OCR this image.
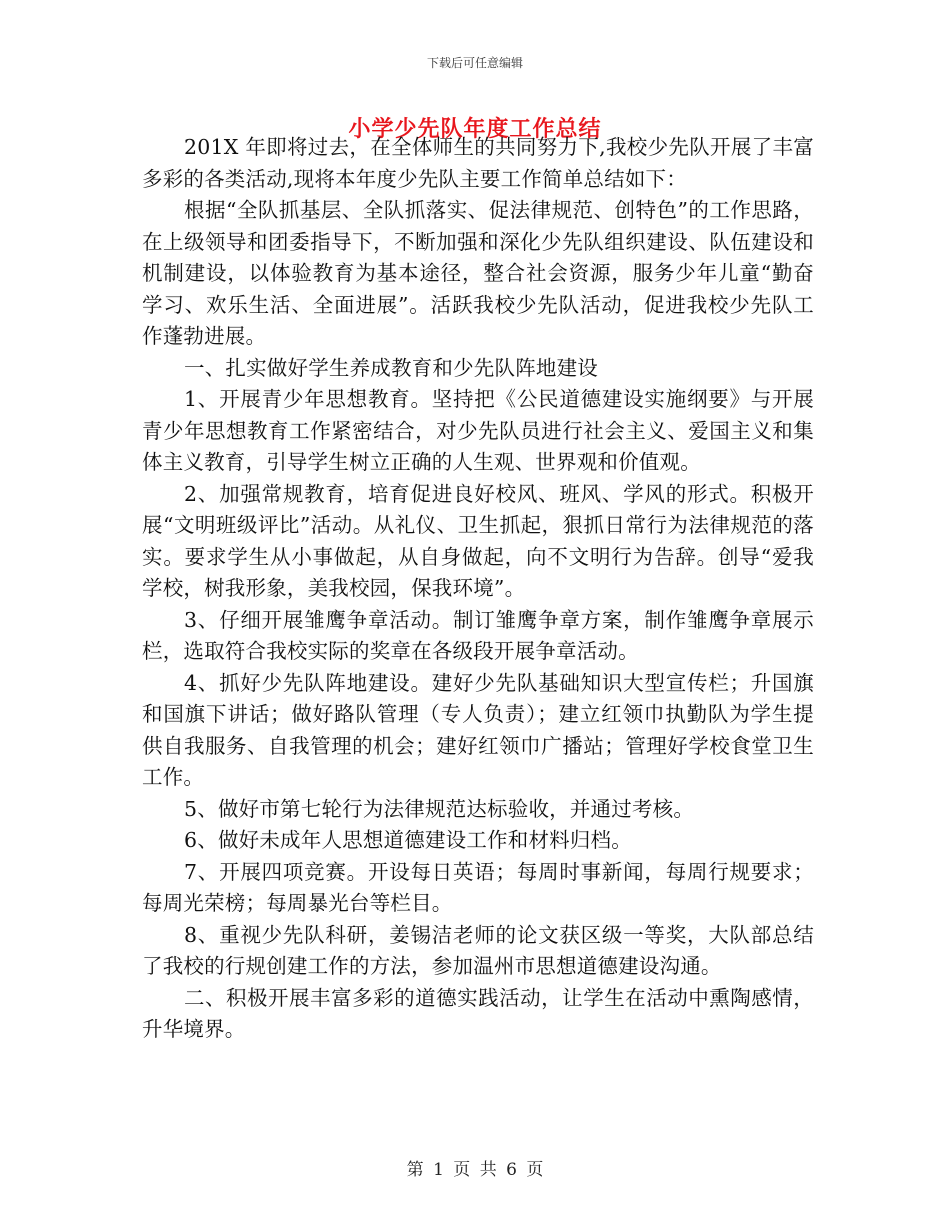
下载后可任意编辑
小学少先队年度工作总结

201X 年即将过去，在全体师生的共同努力下,我校少先队开展了丰富多彩的各类活动,现将本年度少先队主要工作简单总结如下：

根据“全队抓基层、全队抓落实、促法律规范、创特色”的工作思路，在上级领导和团委指导下，不断加强和深化少先队组织建设、队伍建设和机制建设，以体验教育为基本途径，整合社会资源，服务少年儿童“勤奋学习、欢乐生活、全面进展”。活跃我校少先队活动，促进我校少先队工作蓬勃进展。

一、扎实做好学生养成教育和少先队阵地建设

1、开展青少年思想教育。坚持把《公民道德建设实施纲要》与开展青少年思想教育工作紧密结合，对少先队员进行社会主义、爱国主义和集体主义教育，引导学生树立正确的人生观、世界观和价值观。

2、加强常规教育，培育促进良好校风、班风、学风的形式。积极开展“文明班级评比”活动。从礼仪、卫生抓起，狠抓日常行为法律规范的落实。要求学生从小事做起，从自身做起，向不文明行为告辞。创导“爱我学校，树我形象，美我校园，保我环境”。

3、仔细开展雏鹰争章活动。制订雏鹰争章方案，制作雏鹰争章展示栏，选取符合我校实际的奖章在各级段开展争章活动。

4、抓好少先队阵地建设。建好少先队基础知识大型宣传栏；升国旗和国旗下讲话；做好路队管理（专人负责）；建立红领巾执勤队为学生提供自我服务、自我管理的机会；建好红领巾广播站；管理好学校食堂卫生工作。

5、做好市第七轮行为法律规范达标验收，并通过考核。

6、做好未成年人思想道德建设工作和材料归档。

7、开展四项竞赛。开设每日英语；每周时事新闻，每周行规要求；每周光荣榜；每周暴光台等栏目。

8、重视少先队科研，姜锡洁老师的论文获区级一等奖，大队部总结了我校的行规创建工作的方法，参加温州市思想道德建设沟通。

二、积极开展丰富多彩的道德实践活动，让学生在活动中熏陶感情，升华境界。

第 1 页 共 6 页
